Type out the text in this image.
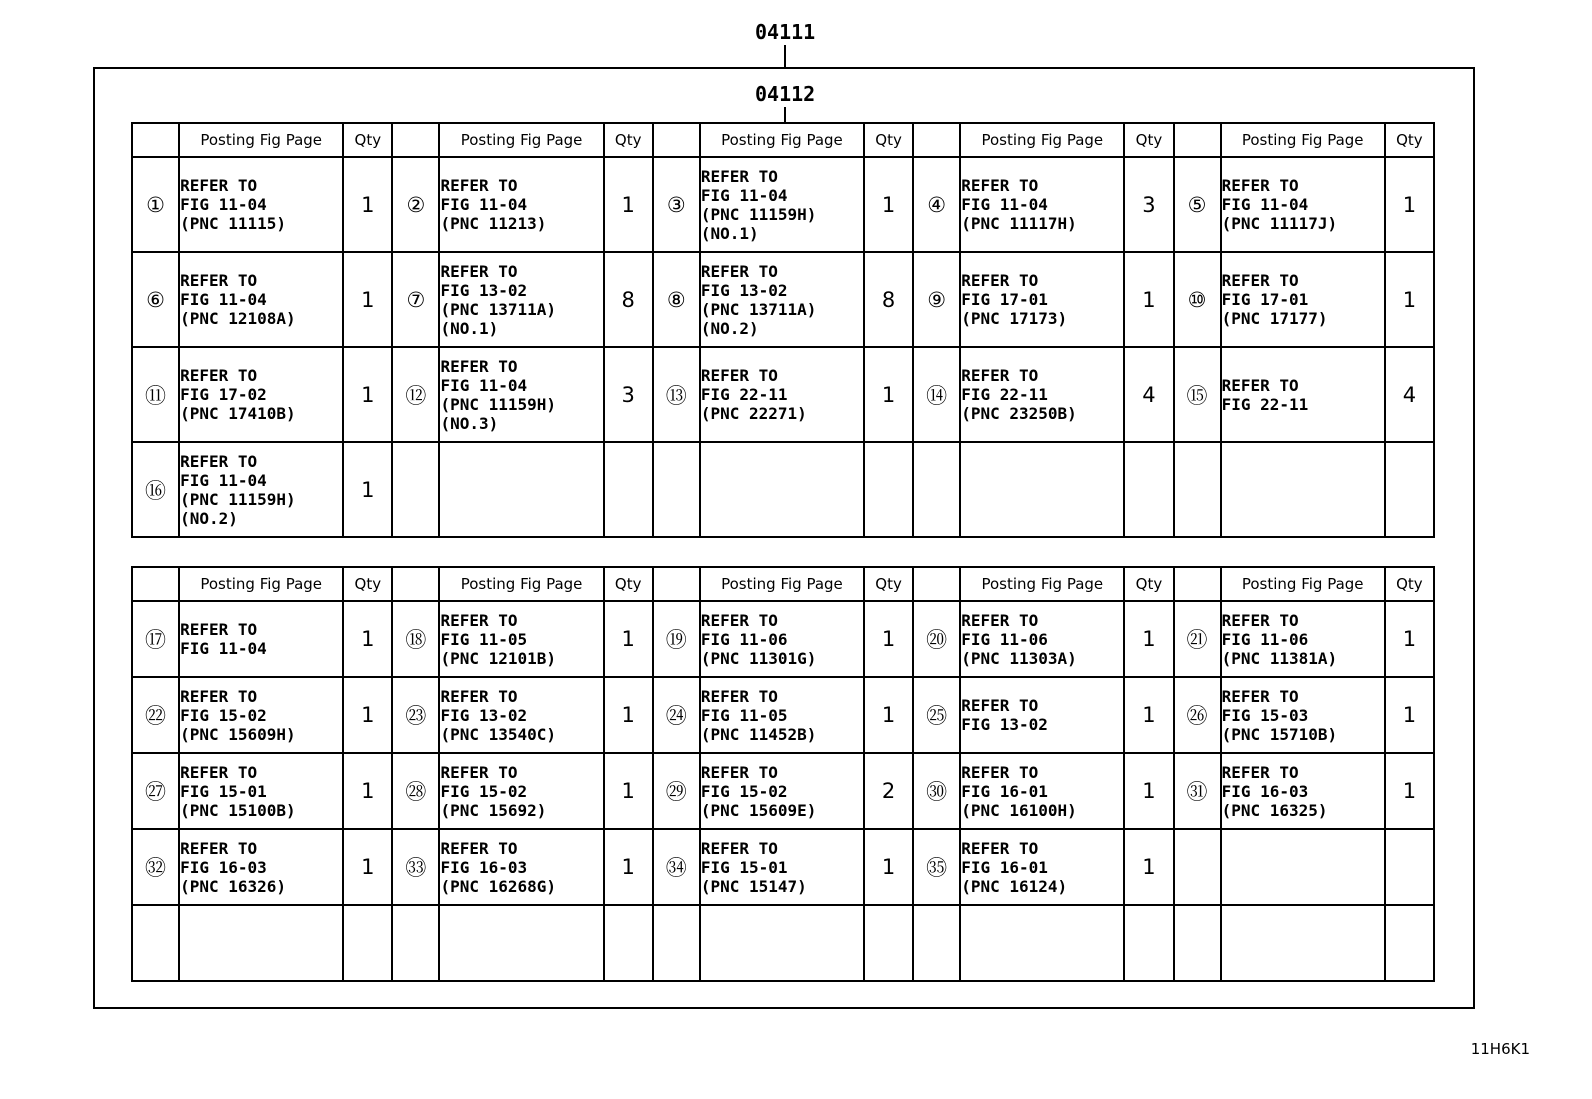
04111
04112
	Posting Fig Page	Qty		Posting Fig Page	Qty		Posting Fig Page	Qty		Posting Fig Page	Qty		Posting Fig Page	Qty
①	REFER TO
FIG 11-04
(PNC 11115)	1	②	REFER TO
FIG 11-04
(PNC 11213)	1	③	REFER TO
FIG 11-04
(PNC 11159H)
(NO.1)	1	④	REFER TO
FIG 11-04
(PNC 11117H)	3	⑤	REFER TO
FIG 11-04
(PNC 11117J)	1
⑥	REFER TO
FIG 11-04
(PNC 12108A)	1	⑦	REFER TO
FIG 13-02
(PNC 13711A)
(NO.1)	8	⑧	REFER TO
FIG 13-02
(PNC 13711A)
(NO.2)	8	⑨	REFER TO
FIG 17-01
(PNC 17173)	1	⑩	REFER TO
FIG 17-01
(PNC 17177)	1
⑪	REFER TO
FIG 17-02
(PNC 17410B)	1	⑫	REFER TO
FIG 11-04
(PNC 11159H)
(NO.3)	3	⑬	REFER TO
FIG 22-11
(PNC 22271)	1	⑭	REFER TO
FIG 22-11
(PNC 23250B)	4	⑮	REFER TO
FIG 22-11	4
⑯	REFER TO
FIG 11-04
(PNC 11159H)
(NO.2)	1												
	Posting Fig Page	Qty		Posting Fig Page	Qty		Posting Fig Page	Qty		Posting Fig Page	Qty		Posting Fig Page	Qty
⑰	REFER TO
FIG 11-04	1	⑱	REFER TO
FIG 11-05
(PNC 12101B)	1	⑲	REFER TO
FIG 11-06
(PNC 11301G)	1	⑳	REFER TO
FIG 11-06
(PNC 11303A)	1	㉑	REFER TO
FIG 11-06
(PNC 11381A)	1
㉒	REFER TO
FIG 15-02
(PNC 15609H)	1	㉓	REFER TO
FIG 13-02
(PNC 13540C)	1	㉔	REFER TO
FIG 11-05
(PNC 11452B)	1	㉕	REFER TO
FIG 13-02	1	㉖	REFER TO
FIG 15-03
(PNC 15710B)	1
㉗	REFER TO
FIG 15-01
(PNC 15100B)	1	㉘	REFER TO
FIG 15-02
(PNC 15692)	1	㉙	REFER TO
FIG 15-02
(PNC 15609E)	2	㉚	REFER TO
FIG 16-01
(PNC 16100H)	1	㉛	REFER TO
FIG 16-03
(PNC 16325)	1
㉜	REFER TO
FIG 16-03
(PNC 16326)	1	㉝	REFER TO
FIG 16-03
(PNC 16268G)	1	㉞	REFER TO
FIG 15-01
(PNC 15147)	1	㉟	REFER TO
FIG 16-01
(PNC 16124)	1			

11H6K1
